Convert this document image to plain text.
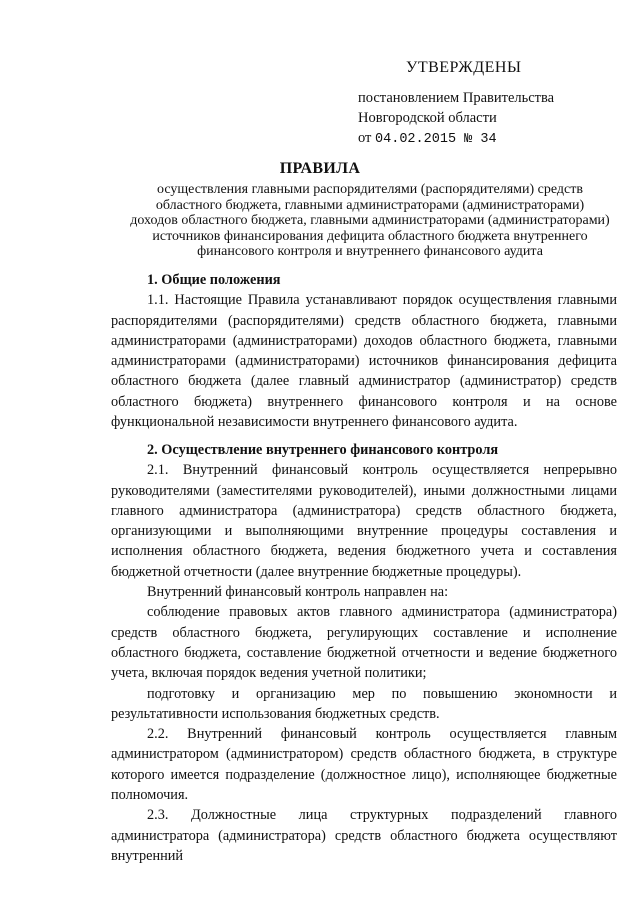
УТВЕРЖДЕНЫ
постановлением Правительства
Новгородской области
от 04.02.2015 № 34
ПРАВИЛА
осуществления главными распорядителями (распорядителями) средств
областного бюджета, главными администраторами (администраторами)
доходов областного бюджета, главными администраторами (администраторами)
источников финансирования дефицита областного бюджета внутреннего
финансового контроля и внутреннего финансового аудита
1. Общие положения

1.1. Настоящие Правила устанавливают порядок осуществления главными распорядителями (распорядителями) средств областного бюджета, главными администраторами (администраторами) доходов областного бюджета, главными администраторами (администраторами) источников финансирования дефицита областного бюджета (далее главный администратор (администратор) средств областного бюджета) внутреннего финансового контроля и на основе функциональной независимости внутреннего финансового аудита.

2. Осуществление внутреннего финансового контроля

2.1. Внутренний финансовый контроль осуществляется непрерывно руководителями (заместителями руководителей), иными должностными лицами главного администратора (администратора) средств областного бюджета, организующими и выполняющими внутренние процедуры составления и исполнения областного бюджета, ведения бюджетного учета и составления бюджетной отчетности (далее внутренние бюджетные процедуры).

Внутренний финансовый контроль направлен на:

соблюдение правовых актов главного администратора (администратора) средств областного бюджета, регулирующих составление и исполнение областного бюджета, составление бюджетной отчетности и ведение бюджетного учета, включая порядок ведения учетной политики;

подготовку и организацию мер по повышению экономности и результативности использования бюджетных средств.

2.2. Внутренний финансовый контроль осуществляется главным администратором (администратором) средств областного бюджета, в структуре которого имеется подразделение (должностное лицо), исполняющее бюджетные полномочия.

2.3. Должностные лица структурных подразделений главного администратора (администратора) средств областного бюджета осуществляют внутренний
